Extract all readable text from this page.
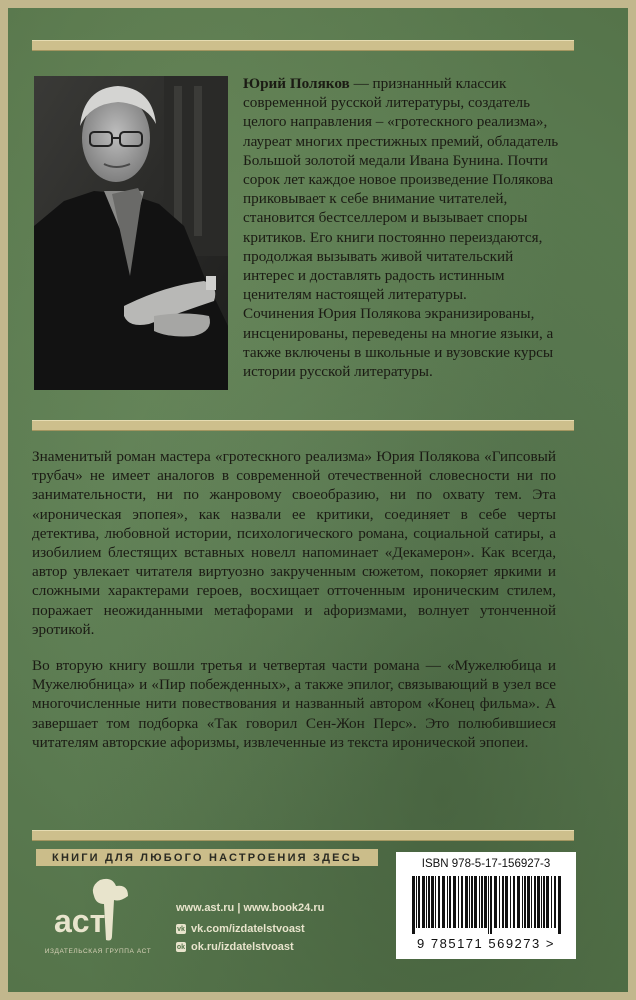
Юрий Поляков — признанный классик современной русской литературы, создатель целого направления – «гротескного реализма», лауреат многих престижных премий, обладатель Большой золотой медали Ивана Бунина. Почти сорок лет каждое новое произведение Полякова приковывает к себе внимание читателей, становится бестселлером и вызывает споры критиков. Его книги постоянно переиздаются, продолжая вызывать живой читательский интерес и доставлять радость истинным ценителям настоящей литературы.

Сочинения Юрия Полякова экранизированы, инсценированы, переведены на многие языки, а также включены в школьные и вузовские курсы истории русской литературы.

Знаменитый роман мастера «гротескного реализма» Юрия Полякова «Гипсовый трубач» не имеет аналогов в современной отечественной словесности ни по занимательности, ни по жанровому своеобразию, ни по охвату тем. Эта «ироническая эпопея», как назвали ее критики, соединяет в себе черты детектива, любовной истории, психологического романа, социальной сатиры, а изобилием блестящих вставных новелл напоминает «Декамерон». Как всегда, автор увлекает читателя виртуозно закрученным сюжетом, покоряет яркими и сложными характерами героев, восхищает отточенным ироническим стилем, поражает неожиданными метафорами и афоризмами, волнует утонченной эротикой.

Во вторую книгу вошли третья и четвертая части романа — «Мужелюбица и Мужелюбница» и «Пир побежденных», а также эпилог, связывающий в узел все многочисленные нити повествования и названный автором «Конец фильма». А завершает том подборка «Так говорил Сен-Жон Перс». Это полюбившиеся читателям авторские афоризмы, извлеченные из текста иронической эпопеи.

КНИГИ ДЛЯ ЛЮБОГО НАСТРОЕНИЯ ЗДЕСЬ
аст
ИЗДАТЕЛЬСКАЯ ГРУППА АСТ
www.ast.ru | www.book24.ru
vk vk.com/izdatelstvoast
ok ok.ru/izdatelstvoast
ISBN 978-5-17-156927-3
9 785171 569273 >
